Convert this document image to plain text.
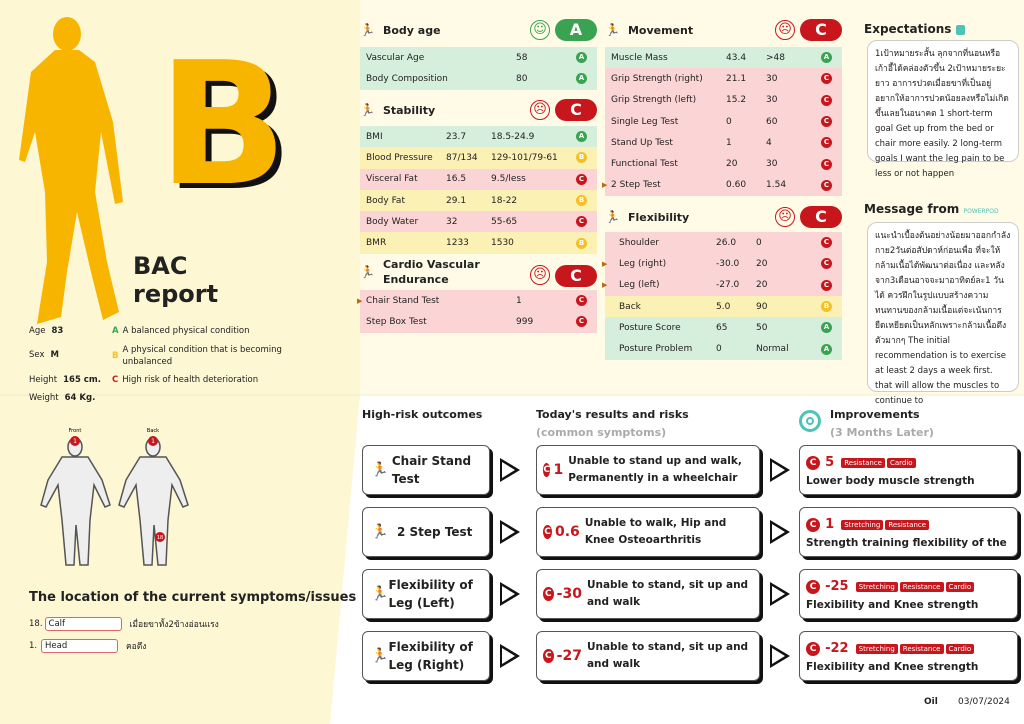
B
BAC
report
Age 83
Sex M
Height 165 cm.
Weight 64 Kg.
A A balanced physical condition
B
A physical condition that is becoming unbalanced
C High risk of health deterioration
Front	Back
1	1
18
The location of the current symptoms/issues
18. Calf	เมื่อยขาทั้ง2ข้างอ่อนแรง
1. Head	คอตึง
🏃 Body age	☺	A
Vascular Age	58	A
Body Composition	80	A
🏃 Stability	☹	C
BMI	23.7	18.5-24.9	A
Blood Pressure	87/134	129-101/79-61	B
Visceral Fat	16.5	9.5/less	C
Body Fat	29.1	18-22	B
Body Water	32	55-65	C
BMR	1233	1530	B
🏃
Cardio Vascular Endurance	☹	C
▶ Chair Stand Test	1	C
Step Box Test	999	C
🏃 Movement	☹	C
Muscle Mass	43.4	>48	A
Grip Strength (right)	21.1	30	C
Grip Strength (left)	15.2	30	C
Single Leg Test	0	60	C
Stand Up Test	1	4	C
Functional Test	20	30	C
▶ 2 Step Test	0.60	1.54	C
🏃 Flexibility	☹	C
Shoulder	26.0	0	C
▶	Leg (right)	-30.0	20	C
▶	Leg (left)	-27.0	20	C
Back	5.0	90	B
Posture Score	65	50	A
Posture Problem	0	Normal	A
Expectations
1เป้าหมายระสั้น ลุกจากที่นอนหรือเก้าอี้ได้คล่องตัวขึ้น 2เป้าหมายระยะยาว อาการปวดเมื่อยขาที่เป็นอยู่ อยากให้อาการปวดน้อยลงหรือไม่เกิดขึ้นเลยในอนาคต 1 short-term goal Get up from the bed or chair more easily. 2 long-term goals I want the leg pain to be less or not happen
Message from POWERPOD
แนะนำเบื้องต้นอย่างน้อยมาออกกำลังกาย2วันต่อสัปดาห์ก่อนเพื่อ ที่จะให้กล้ามเนื้อได้พัฒนาต่อเนื่อง และหลังจาก3เดือนอาจจะมาอาทิตย์ละ1 วันได้ ควรฝึกในรูปแบบสร้างความทนทานของกล้ามเนื้อแต่จะเน้นการยืดเหยียดเป็นหลักเพราะกล้ามเนื้อตึงตัวมากๆ The initial recommendation is to exercise at least 2 days a week first. that will allow the muscles to continue to
High-risk outcomes	Today's results and risks
(common symptoms)
Improvements
(3 Months Later)
🏃
Chair Stand Test
C 1
Unable to stand up and walk, Permanently in a wheelchair
C 5 Resistance Cardio
Lower body muscle strength
🏃 2 Step Test	C 0.6
Unable to walk, Hip and Knee Osteoarthritis
C 1 Stretching Resistance
Strength training flexibility of the
🏃
Flexibility of Leg (Left)
C -30
Unable to stand, sit up and and walk
C -25 Stretching Resistance Cardio
Flexibility and Knee strength
🏃
Flexibility of Leg (Right)
C -27
Unable to stand, sit up and and walk
C -22 Stretching Resistance Cardio
Flexibility and Knee strength
Oil 03/07/2024
